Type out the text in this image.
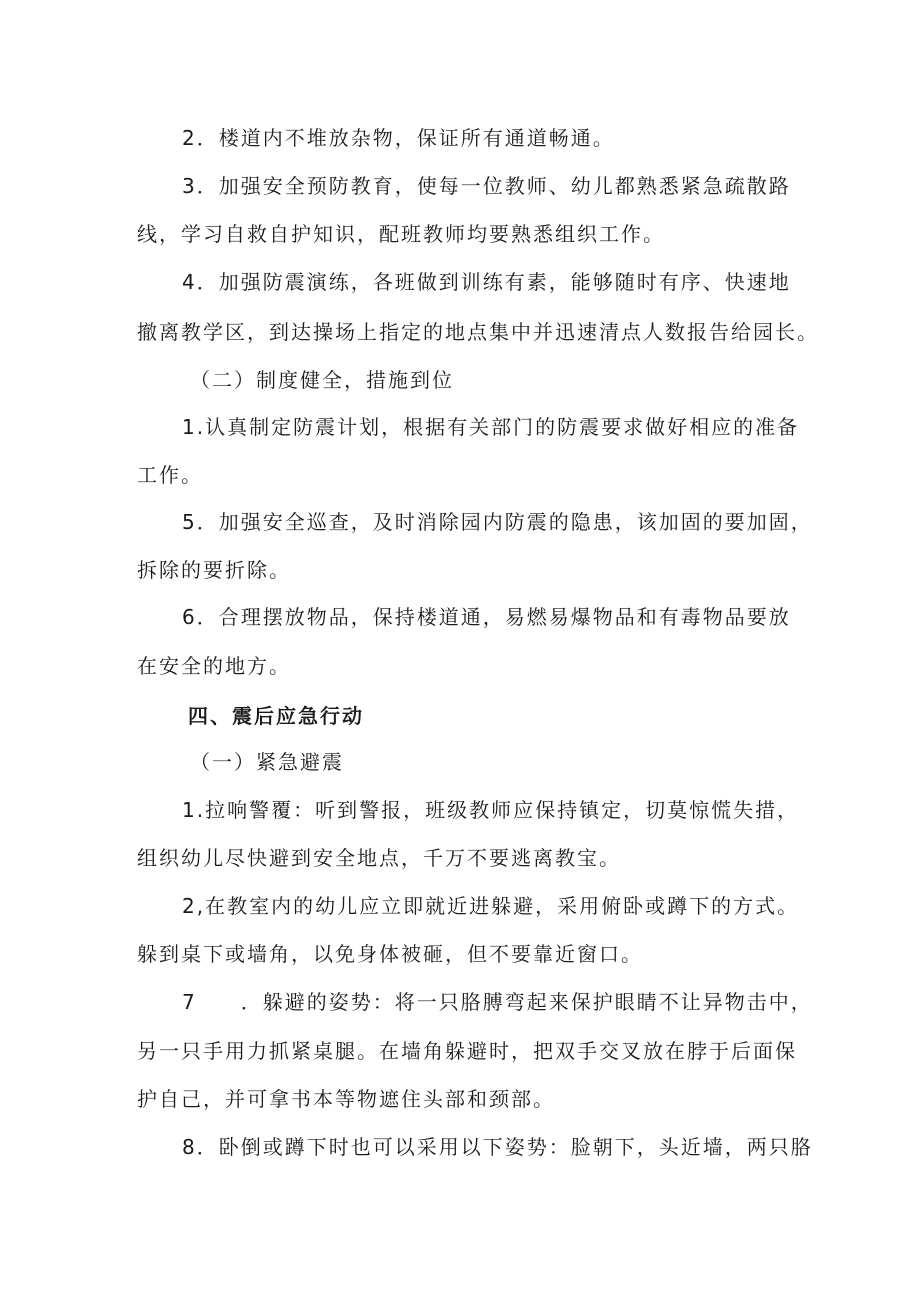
2．楼道内不堆放杂物，保证所有通道畅通。
3．加强安全预防教育，使每一位教师、幼儿都熟悉紧急疏散路
线，学习自救自护知识，配班教师均要熟悉组织工作。
4．加强防震演练，各班做到训练有素，能够随时有序、快速地
撤离教学区，到达操场上指定的地点集中并迅速清点人数报告给园长。
（二）制度健全，措施到位
1.认真制定防震计划，根据有关部门的防震要求做好相应的准备
工作。
5．加强安全巡查，及时消除园内防震的隐患，该加固的要加固，
拆除的要折除。
6．合理摆放物品，保持楼道通，易燃易爆物品和有毒物品要放
在安全的地方。
四、震后应急行动
（一）紧急避震
1.拉响警覆：听到警报，班级教师应保持镇定，切莫惊慌失措，
组织幼儿尽快避到安全地点，千万不要逃离教宝。
2,在教室内的幼儿应立即就近进躲避，采用俯卧或蹲下的方式。
躲到桌下或墙角，以免身体被砸，但不要靠近窗口。
7　　．躲避的姿势：将一只胳膊弯起来保护眼睛不让异物击中，
另一只手用力抓紧桌腿。在墙角躲避时，把双手交叉放在脖于后面保
护自己，并可拿书本等物遮住头部和颈部。
8．卧倒或蹲下时也可以采用以下姿势：脸朝下，头近墙，两只胳
